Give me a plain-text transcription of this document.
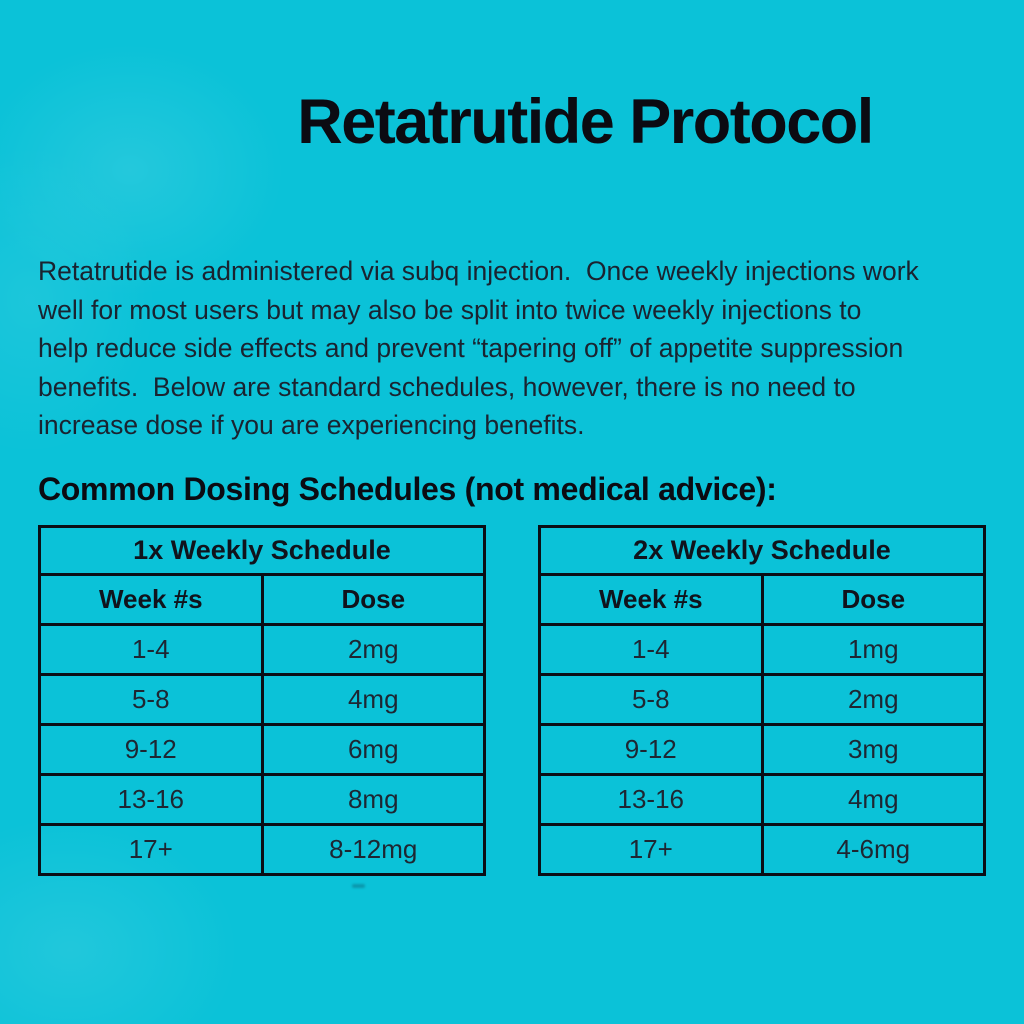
Retatrutide Protocol

Retatrutide is administered via subq injection.  Once weekly injections work

well for most users but may also be split into twice weekly injections to

help reduce side effects and prevent “tapering off” of appetite suppression

benefits.  Below are standard schedules, however, there is no need to

increase dose if you are experiencing benefits.

Common Dosing Schedules (not medical advice):
1x Weekly Schedule	
Week #s	Dose
1-4	2mg
5-8	4mg
9-12	6mg
13-16	8mg
17+	8-12mg
2x Weekly Schedule	
Week #s	Dose
1-4	1mg
5-8	2mg
9-12	3mg
13-16	4mg
17+	4-6mg
